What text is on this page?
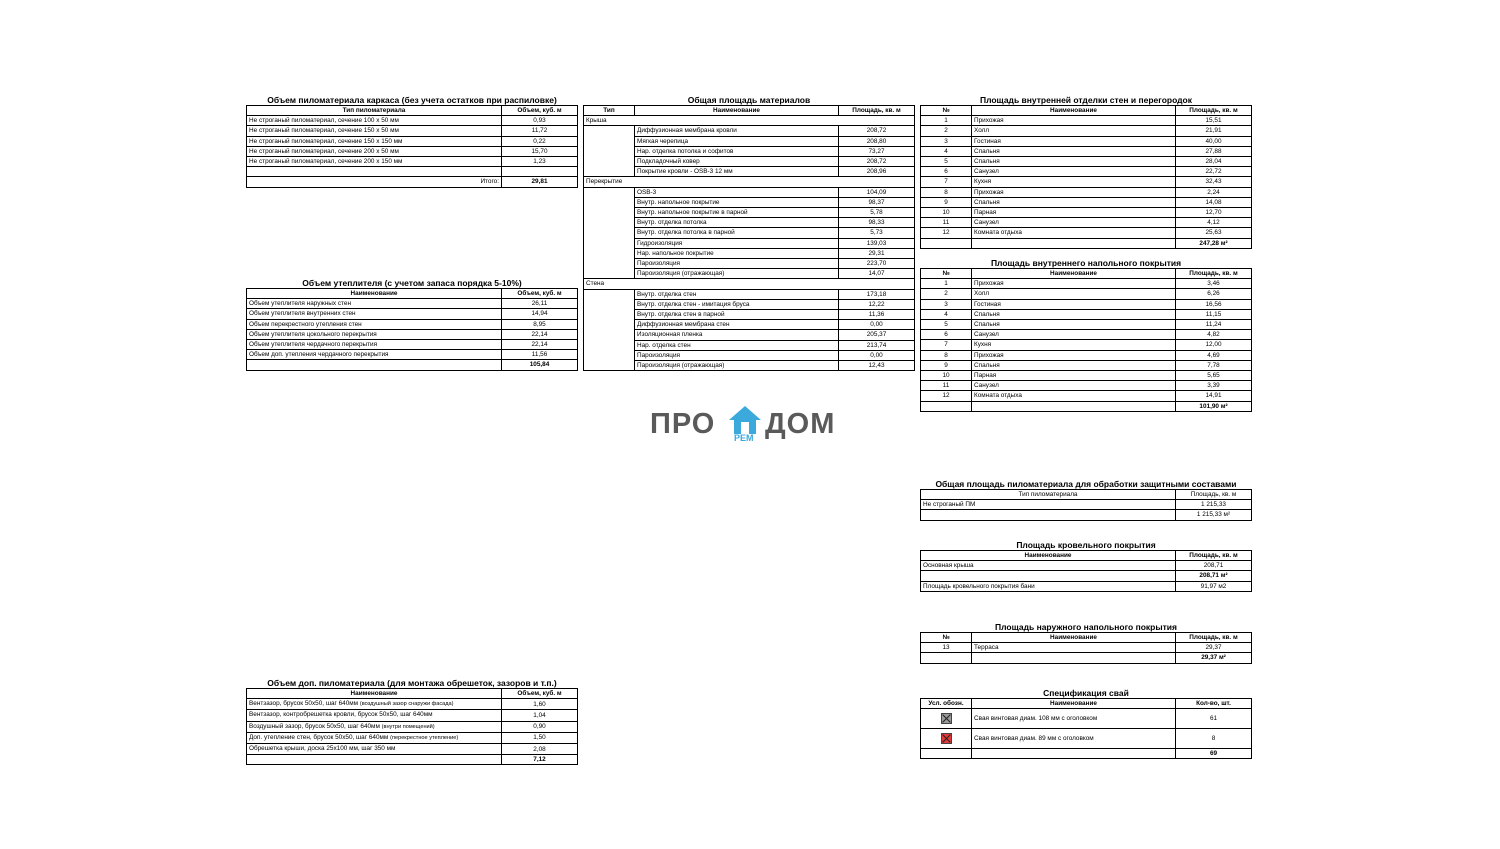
Объем пиломатериала каркаса (без учета остатков при распиловке)
Тип пиломатериала	Объем, куб. м
Не строганый пиломатериал, сечение 100 х 50 мм	0,93
Не строганый пиломатериал, сечение 150 х 50 мм	11,72
Не строганый пиломатериал, сечение 150 х 150 мм	0,22
Не строганый пиломатериал, сечение 200 х 50 мм	15,70
Не строганый пиломатериал, сечение 200 х 150 мм	1,23

Итого:	29,81
Объем утеплителя (с учетом запаса порядка 5-10%)
Наименование	Объем, куб. м
Объем утеплителя наружных стен	26,11
Объем утеплителя внутренних стен	14,94
Объем перекрестного утепления стен	8,95
Объем утеплителя цокольного перекрытия	22,14
Объем утеплителя чердачного перекрытия	22,14
Объем доп. утепления чердачного перекрытия	11,56
	105,84
Объем доп. пиломатериала (для монтажа обрешеток, зазоров и т.п.)
Наименование	Объем, куб. м
Вентзазор, брусок 50х50, шаг 640мм (воздушный зазор снаружи фасада)	1,60
Вентзазор, контробрешетка кровли, брусок 50х50, шаг 640мм	1,04
Воздушный зазор, брусок 50х50, шаг 640мм (внутри помещений)	0,90
Доп. утепление стен, брусок 50х50, шаг 640мм (перекрестное утепление)	1,50
Обрешетка крыши, доска 25х100 мм, шаг 350 мм	2,08
	7,12
Общая площадь материалов
Тип	Наименование	Площадь, кв. м
Крыша		
	Диффузионная мембрана кровли	208,72
	Мягкая черепица	208,80
	Нар. отделка потолка и софитов	73,27
	Подкладочный ковер	208,72
	Покрытие кровли - OSB-3 12 мм	208,96
Перекрытие		
	OSB-3	104,09
	Внутр. напольное покрытие	98,37
	Внутр. напольное покрытие в парной	5,78
	Внутр. отделка потолка	98,33
	Внутр. отделка потолка в парной	5,73
	Гидроизоляция	139,03
	Нар. напольное покрытие	29,31
	Пароизоляция	223,70
	Пароизоляция (отражающая)	14,07
Стена		
	Внутр. отделка стен	173,18
	Внутр. отделка стен - имитация бруса	12,22
	Внутр. отделка стен в парной	11,36
	Диффузионная мембрана стен	0,00
	Изоляционная пленка	205,37
	Нар. отделка стен	213,74
	Пароизоляция	0,00
	Пароизоляция (отражающая)	12,43
Площадь внутренней отделки стен и перегородок
№	Наименование	Площадь, кв. м
1	Прихожая	15,51
2	Холл	21,91
3	Гостиная	40,00
4	Спальня	27,88
5	Спальня	28,04
6	Санузел	22,72
7	Кухня	32,43
8	Прихожая	2,24
9	Спальня	14,08
10	Парная	12,70
11	Санузел	4,12
12	Комната отдыха	25,63
		247,28 м²
Площадь внутреннего напольного покрытия
№	Наименование	Площадь, кв. м
1	Прихожая	3,46
2	Холл	6,26
3	Гостиная	16,56
4	Спальня	11,15
5	Спальня	11,24
6	Санузел	4,82
7	Кухня	12,00
8	Прихожая	4,69
9	Спальня	7,78
10	Парная	5,65
11	Санузел	3,39
12	Комната отдыха	14,91
		101,90 м²
ПРО РЕМ ДОМ
Общая площадь пиломатериала для обработки защитными составами
Тип пиломатериала	Площадь, кв. м
Не строганый ПМ	1 215,33
	1 215,33 м²
Площадь кровельного покрытия
Наименование	Площадь, кв. м
Основная крыша	208,71
	208,71 м²
Площадь кровельного покрытия бани	91,97 м2
Площадь наружного напольного покрытия
№	Наименование	Площадь, кв. м
13	Терраса	29,37
		29,37 м²
Спецификация свай
Усл. обозн.	Наименование	Кол-во, шт.
	Свая винтовая диам. 108 мм с оголовком	61
	Свая винтовая диам. 89 мм с оголовком	8
		69
